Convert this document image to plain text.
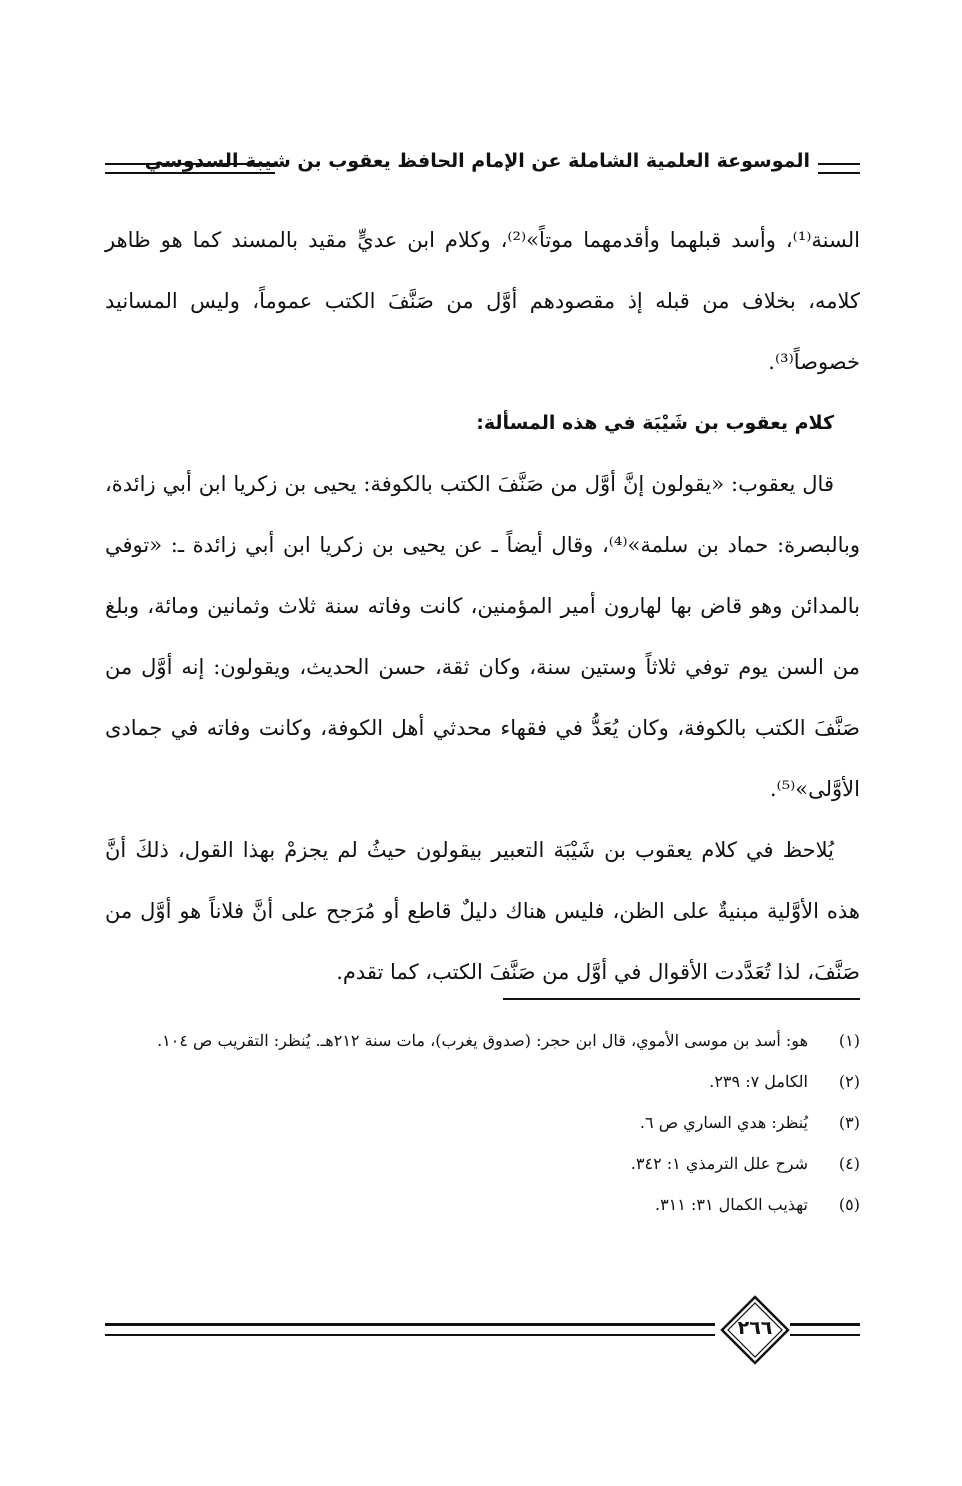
الموسوعة العلمية الشاملة عن الإمام الحافظ يعقوب بن شيبة السدوسي

السنة⁽¹⁾، وأسد قبلهما وأقدمهما موتاً»⁽²⁾، وكلام ابن عديٍّ مقيد بالمسند كما هو ظاهر كلامه، بخلاف من قبله إذ مقصودهم أوَّل من صَنَّفَ الكتب عموماً، وليس المسانيد خصوصاً⁽³⁾.

كلام يعقوب بن شَيْبَة في هذه المسألة:

قال يعقوب: «يقولون إنَّ أوَّل من صَنَّفَ الكتب بالكوفة: يحيى بن زكريا ابن أبي زائدة، وبالبصرة: حماد بن سلمة»⁽⁴⁾، وقال أيضاً ـ عن يحيى بن زكريا ابن أبي زائدة ـ: «توفي بالمدائن وهو قاض بها لهارون أمير المؤمنين، كانت وفاته سنة ثلاث وثمانين ومائة، وبلغ من السن يوم توفي ثلاثاً وستين سنة، وكان ثقة، حسن الحديث، ويقولون: إنه أوَّل من صَنَّفَ الكتب بالكوفة، وكان يُعَدُّ في فقهاء محدثي أهل الكوفة، وكانت وفاته في جمادى الأوَّلى»⁽⁵⁾.

يُلاحظ في كلام يعقوب بن شَيْبَة التعبير بيقولون حيثُ لم يجزمْ بهذا القول، ذلكَ أنَّ هذه الأوَّلية مبنيةٌ على الظن، فليس هناك دليلٌ قاطع أو مُرَجح على أنَّ فلاناً هو أوَّل من صَنَّفَ، لذا تُعَدَّدت الأقوال في أوَّل من صَنَّفَ الكتب، كما تقدم.

(١)
هو: أسد بن موسى الأموي، قال ابن حجر: (صدوق يغرب)، مات سنة ٢١٢هـ. يُنظر: التقريب ص ١٠٤.
(٢)
الكامل ٧: ٢٣٩.
(٣)
يُنظر: هدي الساري ص ٦.
(٤)
شرح علل الترمذي ١: ٣٤٢.
(٥)
تهذيب الكمال ٣١: ٣١١.
٢٦٦
